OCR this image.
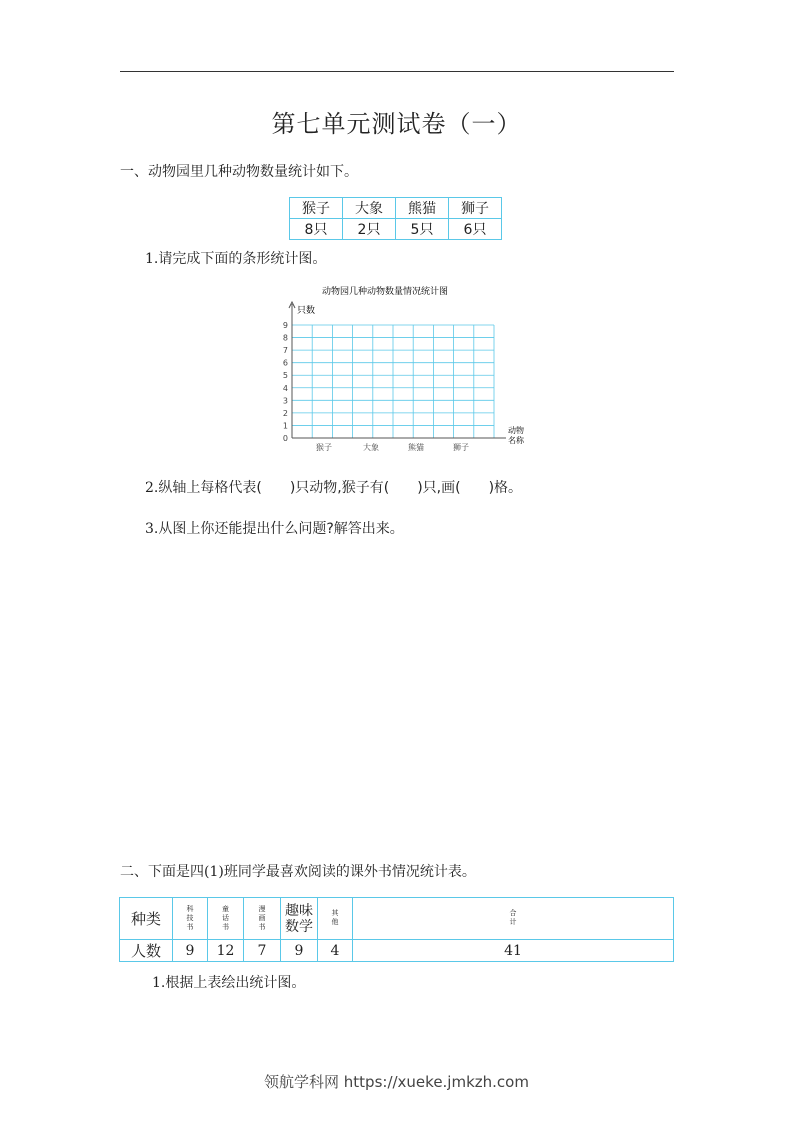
第七单元测试卷（一）
一、动物园里几种动物数量统计如下。
猴子	大象	熊猫	狮子
8只	2只	5只	6只
1.请完成下面的条形统计图。
动物园几种动物数量情况统计图
只数
0
1
2
3
4
5
6
7
8
9
猴子	大象	熊猫	狮子
动物名称
2.纵轴上每格代表(　　)只动物,猴子有(　　)只,画(　　)格。
3.从图上你还能提出什么问题?解答出来。
二、下面是四(1)班同学最喜欢阅读的课外书情况统计表。
种类	科技书	童话书	漫画书	趣味数学	其他	合计
人数	9	12	7	9	4	41
1.根据上表绘出统计图。
领航学科网 https://xueke.jmkzh.com
